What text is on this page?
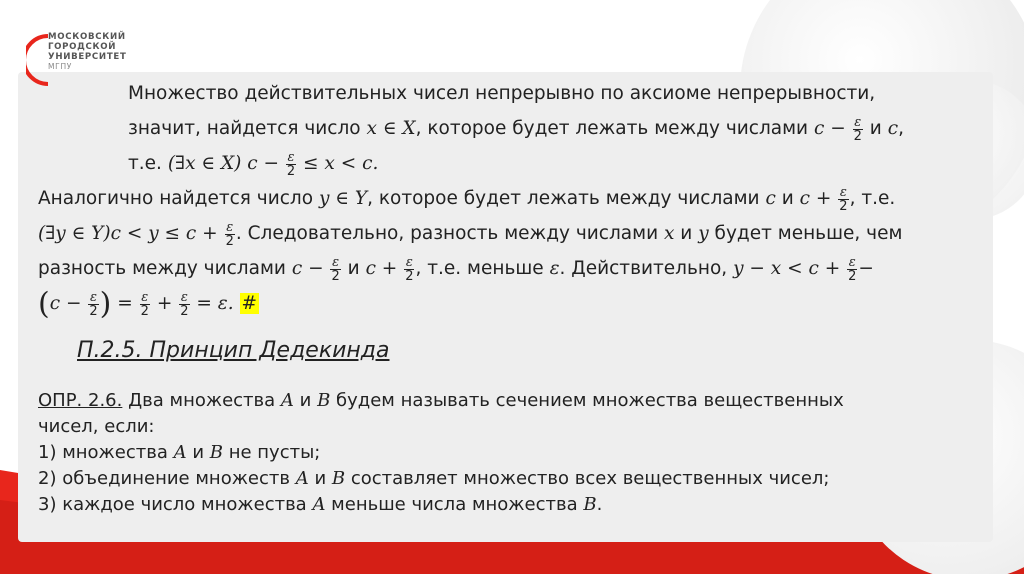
МОСКОВСКИЙ
ГОРОДСКОЙ
УНИВЕРСИТЕТ
МГПУ
Множество действительных чисел непрерывно по аксиоме непрерывности,
значит, найдется число x ∈ X, которое будет лежать между числами $c - \frac{\varepsilon}{2}$ и c,
т.е. (∃x ∈ X) $c - \frac{\varepsilon}{2} \le x < c$.
Аналогично найдется число y ∈ Y, которое будет лежать между числами c и $c + \frac{\varepsilon}{2}$ , т.е.
(∃y ∈ $Y)c < y \le c + \frac{\varepsilon}{2}$ . Следовательно, разность между числами x и y будет меньше, чем
разность между числами $c - \frac{\varepsilon}{2}$ и $c + \frac{\varepsilon}{2}$ , т.е. меньше ε. Действительно, $y - x < c + \frac{\varepsilon}{2}$ −
($c - \frac{\varepsilon}{2}$ ) = $\frac{\varepsilon}{2} + \frac{\varepsilon}{2} = \varepsilon$. #
П.2.5. Принцип Дедекинда
ОПР. 2.6. Два множества A и B будем называть сечением множества вещественных
чисел, если:
1) множества A и B не пусты;
2) объединение множеств A и B составляет множество всех вещественных чисел;
3) каждое число множества A меньше числа множества B.
